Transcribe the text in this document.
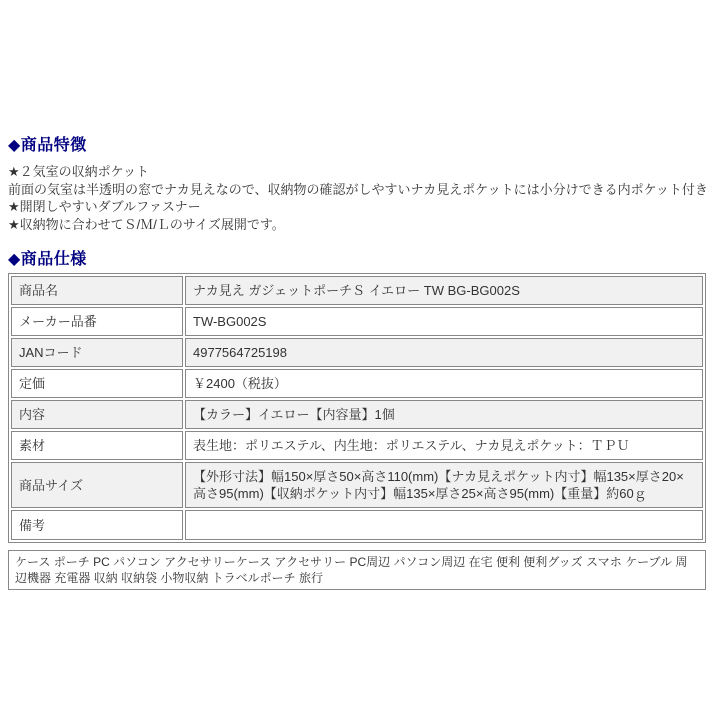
◆商品特徴
★２気室の収納ポケット
前面の気室は半透明の窓でナカ見えなので、収納物の確認がしやすいナカ見えポケットには小分けできる内ポケット付き
★開閉しやすいダブルファスナー
★収納物に合わせてＳ/Ｍ/Ｌのサイズ展開です。
◆商品仕様
商品名	ナカ見え ガジェットポーチＳ イエロー TW BG-BG002S
メーカー品番	TW-BG002S
JANコード	4977564725198
定価	￥2400（税抜）
内容	【カラー】イエロー【内容量】1個
素材	表生地：ポリエステル、内生地：ポリエステル、ナカ見えポケット：ＴＰＵ
商品サイズ	【外形寸法】幅150×厚さ50×高さ110(mm)【ナカ見えポケット内寸】幅135×厚さ20×高さ95(mm)【収納ポケット内寸】幅135×厚さ25×高さ95(mm)【重量】約60ｇ
備考	
ケース ポーチ PC パソコン アクセサリーケース アクセサリー PC周辺 パソコン周辺 在宅 便利 便利グッズ スマホ ケーブル 周辺機器 充電器 収納 収納袋 小物収納 トラベルポーチ 旅行
